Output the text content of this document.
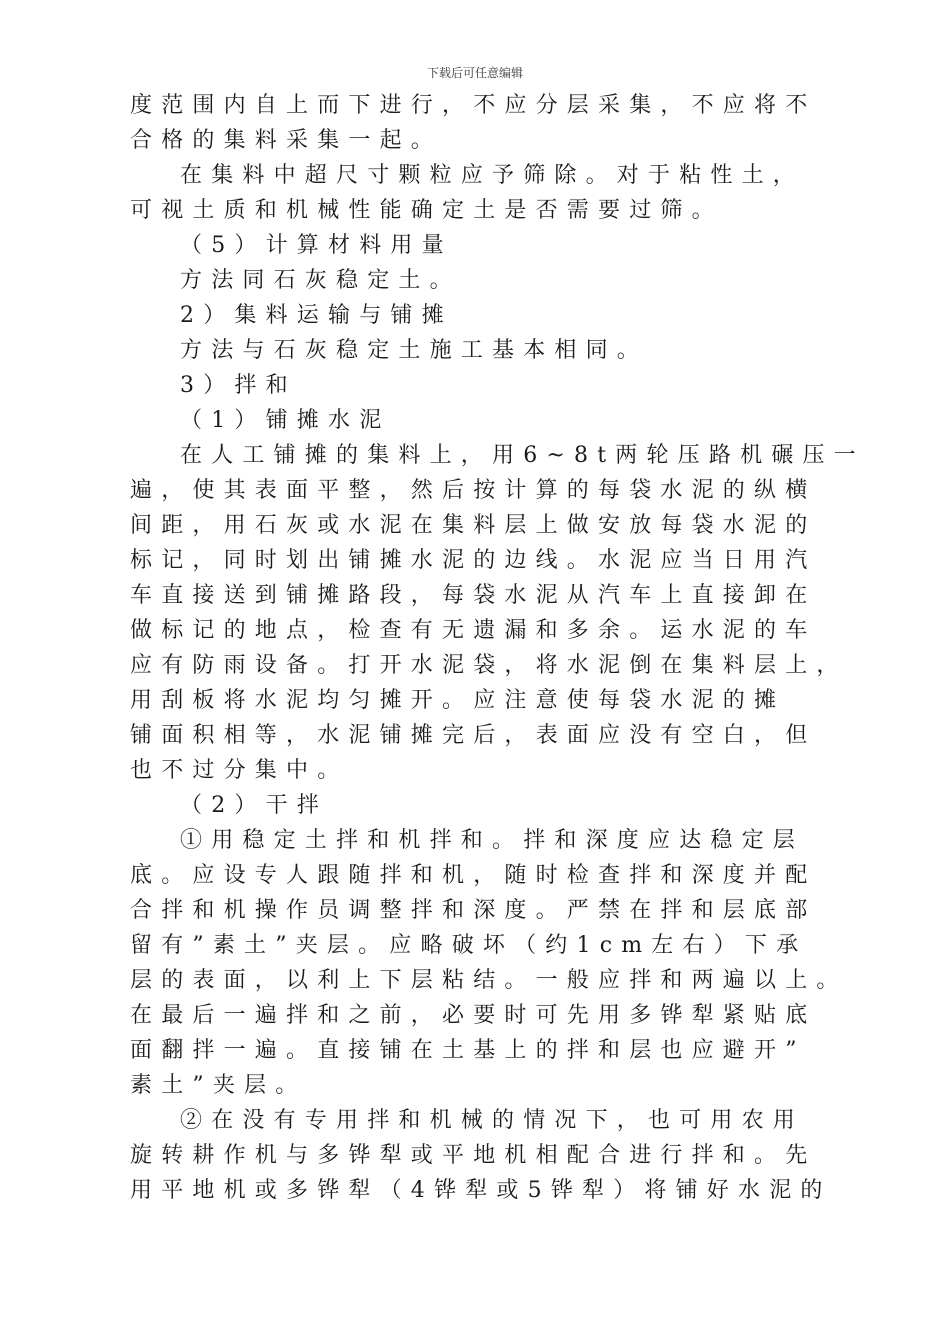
下载后可任意编辑
度范围内自上而下进行，不应分层采集，不应将不
合格的集料采集一起。
在集料中超尺寸颗粒应予筛除。对于粘性土，
可视土质和机械性能确定土是否需要过筛。
（5）计算材料用量
方法同石灰稳定土。
2）集料运输与铺摊
方法与石灰稳定土施工基本相同。
3）拌和
（1）铺摊水泥
在人工铺摊的集料上，用6~8t两轮压路机碾压一
遍，使其表面平整，然后按计算的每袋水泥的纵横
间距，用石灰或水泥在集料层上做安放每袋水泥的
标记，同时划出铺摊水泥的边线。水泥应当日用汽
车直接送到铺摊路段，每袋水泥从汽车上直接卸在
做标记的地点，检查有无遗漏和多余。运水泥的车
应有防雨设备。打开水泥袋，将水泥倒在集料层上，
用刮板将水泥均匀摊开。应注意使每袋水泥的摊
铺面积相等，水泥铺摊完后，表面应没有空白，但
也不过分集中。
（2）干拌
①用稳定土拌和机拌和。拌和深度应达稳定层
底。应设专人跟随拌和机，随时检查拌和深度并配
合拌和机操作员调整拌和深度。严禁在拌和层底部
留有”素土”夹层。应略破坏（约1cm左右）下承
层的表面，以利上下层粘结。一般应拌和两遍以上。
在最后一遍拌和之前，必要时可先用多铧犁紧贴底
面翻拌一遍。直接铺在土基上的拌和层也应避开”
素土”夹层。
②在没有专用拌和机械的情况下，也可用农用
旋转耕作机与多铧犁或平地机相配合进行拌和。先
用平地机或多铧犁（4铧犁或5铧犁）将铺好水泥的
